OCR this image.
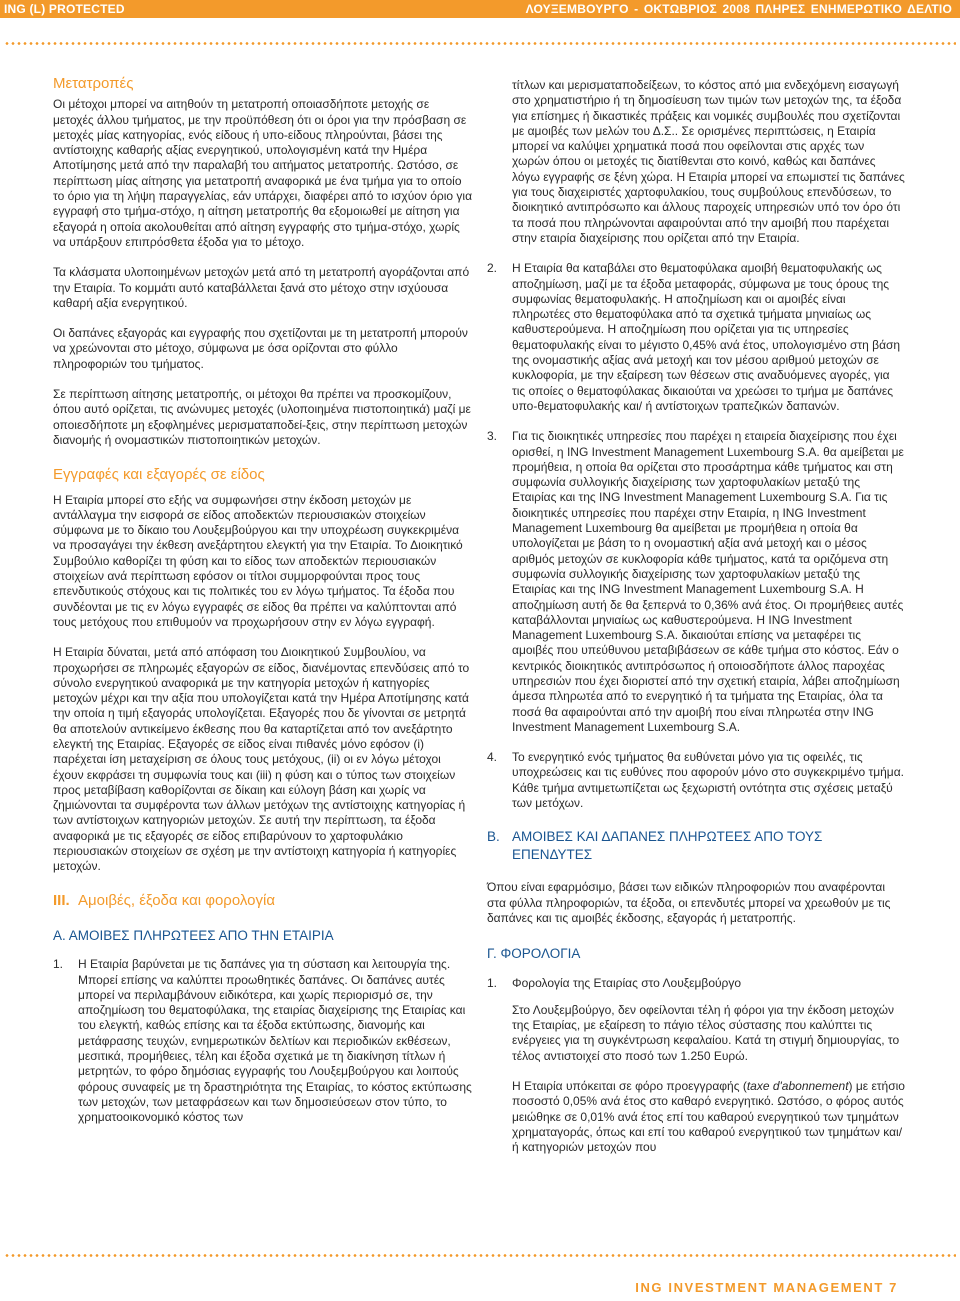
ING (L) PROTECTED	ΛΟΥΞΕΜΒΟΥΡΓΟ - ΟΚΤΩΒΡΙΟΣ 2008 ΠΛΗΡΕΣ ΕΝΗΜΕΡΩΤΙΚΟ ΔΕΛΤΙΟ
Μετατροπές

Οι μέτοχοι μπορεί να αιτηθούν τη μετατροπή οποιασδήποτε μετοχής σε μετοχές άλλου τμήματος, με την προϋπόθεση ότι οι όροι για την πρόσβαση σε μετοχές μίας κατηγορίας, ενός είδους ή υπο-είδους πληρούνται, βάσει της αντίστοιχης καθαρής αξίας ενεργητικού, υπολογισμένη κατά την Ημέρα Αποτίμησης μετά από την παραλαβή του αιτήματος μετατροπής. Ωστόσο, σε περίπτωση μίας αίτησης για μετατροπή αναφορικά με ένα τμήμα για το οποίο το όριο για τη λήψη παραγγελίας, εάν υπάρχει, διαφέρει από το ισχύον όριο για εγγραφή στο τμήμα-στόχο, η αίτηση μετατροπής θα εξομοιωθεί με αίτηση για εξαγορά η οποία ακολουθείται από αίτηση εγγραφής στο τμήμα-στόχο, χωρίς να υπάρξουν επιπρόσθετα έξοδα για το μέτοχο.

Τα κλάσματα υλοποιημένων μετοχών μετά από τη μετατροπή αγοράζονται από την Εταιρία. Το κομμάτι αυτό καταβάλλεται ξανά στο μέτοχο στην ισχύουσα καθαρή αξία ενεργητικού.

Οι δαπάνες εξαγοράς και εγγραφής που σχετίζονται με τη μετατροπή μπορούν να χρεώνονται στο μέτοχο, σύμφωνα με όσα ορίζονται στο φύλλο πληροφοριών του τμήματος.

Σε περίπτωση αίτησης μετατροπής, οι μέτοχοι θα πρέπει να προσκομίζουν, όπου αυτό ορίζεται, τις ανώνυμες μετοχές (υλοποιημένα πιστοποιητικά) μαζί με οποιεσδήποτε μη εξοφλημένες μερισματαποδεί-ξεις, στην περίπτωση μετοχών διανομής ή ονομαστικών πιστοποιητικών μετοχών.

Εγγραφές και εξαγορές σε είδος

Η Εταιρία μπορεί στο εξής να συμφωνήσει στην έκδοση μετοχών με αντάλλαγμα την εισφορά σε είδος αποδεκτών περιουσιακών στοιχείων σύμφωνα με το δίκαιο του Λουξεμβούργου και την υποχρέωση συγκεκριμένα να προσαγάγει την έκθεση ανεξάρτητου ελεγκτή για την Εταιρία. Το Διοικητικό Συμβούλιο καθορίζει τη φύση και το είδος των αποδεκτών περιουσιακών στοιχείων ανά περίπτωση εφόσον οι τίτλοι συμμορφούνται προς τους επενδυτικούς στόχους και τις πολιτικές του εν λόγω τμήματος. Τα έξοδα που συνδέονται με τις εν λόγω εγγραφές σε είδος θα πρέπει να καλύπτονται από τους μετόχους που επιθυμούν να προχωρήσουν στην εν λόγω εγγραφή.

Η Εταιρία δύναται, μετά από απόφαση του Διοικητικού Συμβουλίου, να προχωρήσει σε πληρωμές εξαγορών σε είδος, διανέμοντας επενδύσεις από το σύνολο ενεργητικού αναφορικά με την κατηγορία μετοχών ή κατηγορίες μετοχών μέχρι και την αξία που υπολογίζεται κατά την Ημέρα Αποτίμησης κατά την οποία η τιμή εξαγοράς υπολογίζεται. Εξαγορές που δε γίνονται σε μετρητά θα αποτελούν αντικείμενο έκθεσης που θα καταρτίζεται από τον ανεξάρτητο ελεγκτή της Εταιρίας. Εξαγορές σε είδος είναι πιθανές μόνο εφόσον (i) παρέχεται ίση μεταχείριση σε όλους τους μετόχους, (ii) οι εν λόγω μέτοχοι έχουν εκφράσει τη συμφωνία τους και (iii) η φύση και ο τύπος των στοιχείων προς μεταβίβαση καθορίζονται σε δίκαιη και εύλογη βάση και χωρίς να ζημιώνονται τα συμφέροντα των άλλων μετόχων της αντίστοιχης κατηγορίας ή των αντίστοιχων κατηγοριών μετοχών. Σε αυτή την περίπτωση, τα έξοδα αναφορικά με τις εξαγορές σε είδος επιβαρύνουν το χαρτοφυλάκιο περιουσιακών στοιχείων σε σχέση με την αντίστοιχη κατηγορία ή κατηγορίες μετοχών.

III. Αμοιβές, έξοδα και φορολογία
Α. ΑΜΟΙΒΕΣ ΠΛΗΡΩΤΕΕΣ ΑΠΟ ΤΗΝ ΕΤΑΙΡΙΑ
1. Η Εταιρία βαρύνεται με τις δαπάνες για τη σύσταση και λειτουργία της. Μπορεί επίσης να καλύπτει προωθητικές δαπάνες. Οι δαπάνες αυτές μπορεί να περιλαμβάνουν ειδικότερα, και χωρίς περιορισμό σε, την αποζημίωση του θεματοφύλακα, της εταιρίας διαχείρισης της Εταιρίας και του ελεγκτή, καθώς επίσης και τα έξοδα εκτύπωσης, διανομής και μετάφρασης τευχών, ενημερωτικών δελτίων και περιοδικών εκθέσεων, μεσιτικά, προμήθειες, τέλη και έξοδα σχετικά με τη διακίνηση τίτλων ή μετρητών, το φόρο δημόσιας εγγραφής του Λουξεμβούργου και λοιπούς φόρους συναφείς με τη δραστηριότητα της Εταιρίας, το κόστος εκτύπωσης των μετοχών, των μεταφράσεων και των δημοσιεύσεων στον τύπο, το χρηματοοικονομικό κόστος των

τίτλων και μερισματαποδείξεων, το κόστος από μια ενδεχόμενη εισαγωγή στο χρηματιστήριο ή τη δημοσίευση των τιμών των μετοχών της, τα έξοδα για επίσημες ή δικαστικές πράξεις και νομικές συμβουλές που σχετίζονται με αμοιβές των μελών του Δ.Σ.. Σε ορισμένες περιπτώσεις, η Εταιρία μπορεί να καλύψει χρηματικά ποσά που οφείλονται στις αρχές των χωρών όπου οι μετοχές τις διατίθενται στο κοινό, καθώς και δαπάνες λόγω εγγραφής σε ξένη χώρα. Η Εταιρία μπορεί να επωμιστεί τις δαπάνες για τους διαχειριστές χαρτοφυλακίου, τους συμβούλους επενδύσεων, το διοικητικό αντιπρόσωπο και άλλους παροχείς υπηρεσιών υπό τον όρο ότι τα ποσά που πληρώνονται αφαιρούνται από την αμοιβή που παρέχεται στην εταιρία διαχείρισης που ορίζεται από την Εταιρία.

2. Η Εταιρία θα καταβάλει στο θεματοφύλακα αμοιβή θεματοφυλακής ως αποζημίωση, μαζί με τα έξοδα μεταφοράς, σύμφωνα με τους όρους της συμφωνίας θεματοφυλακής. Η αποζημίωση και οι αμοιβές είναι πληρωτέες στο θεματοφύλακα από τα σχετικά τμήματα μηνιαίως ως καθυστερούμενα. Η αποζημίωση που ορίζεται για τις υπηρεσίες θεματοφυλακής είναι το μέγιστο 0,45% ανά έτος, υπολογισμένο στη βάση της ονομαστικής αξίας ανά μετοχή και τον μέσου αριθμού μετοχών σε κυκλοφορία, με την εξαίρεση των θέσεων στις αναδυόμενες αγορές, για τις οποίες ο θεματοφύλακας δικαιούται να χρεώσει το τμήμα με δαπάνες υπο-θεματοφυλακής και/ ή αντίστοιχων τραπεζικών δαπανών.
3. Για τις διοικητικές υπηρεσίες που παρέχει η εταιρεία διαχείρισης που έχει ορισθεί, η ING Investment Management Luxembourg S.A. θα αμείβεται με προμήθεια, η οποία θα ορίζεται στο προσάρτημα κάθε τμήματος και στη συμφωνία συλλογικής διαχείρισης των χαρτοφυλακίων μεταξύ της Εταιρίας και της ING Investment Management Luxembourg S.A. Για τις διοικητικές υπηρεσίες που παρέχει στην Εταιρία, η ING Investment Management Luxembourg θα αμείβεται με προμήθεια η οποία θα υπολογίζεται με βάση το η ονομαστική αξία ανά μετοχή και ο μέσος αριθμός μετοχών σε κυκλοφορία κάθε τμήματος, κατά τα οριζόμενα στη συμφωνία συλλογικής διαχείρισης των χαρτοφυλακίων μεταξύ της Εταιρίας και της ING Investment Management Luxembourg S.A. Η αποζημίωση αυτή δε θα ξεπερνά το 0,36% ανά έτος. Οι προμήθειες αυτές καταβάλλονται μηνιαίως ως καθυστερούμενα. Η ING Investment Management Luxembourg S.A. δικαιούται επίσης να μεταφέρει τις αμοιβές που υπεύθυνου μεταβιβάσεων σε κάθε τμήμα στο κόστος. Εάν ο κεντρικός διοικητικός αντιπρόσωπος ή οποιοσδήποτε άλλος παροχέας υπηρεσιών που έχει διοριστεί από την σχετική εταιρία, λάβει αποζημίωση άμεσα πληρωτέα από το ενεργητικό ή τα τμήματα της Εταιρίας, όλα τα ποσά θα αφαιρούνται από την αμοιβή που είναι πληρωτέα στην ING Investment Management Luxembourg S.A.
4. Το ενεργητικό ενός τμήματος θα ευθύνεται μόνο για τις οφειλές, τις υποχρεώσεις και τις ευθύνες που αφορούν μόνο στο συγκεκριμένο τμήμα. Κάθε τμήμα αντιμετωπίζεται ως ξεχωριστή οντότητα στις σχέσεις μεταξύ των μετόχων.
Β. ΑΜΟΙΒΕΣ ΚΑΙ ΔΑΠΑΝΕΣ ΠΛΗΡΩΤΕΕΣ ΑΠΟ ΤΟΥΣ ΕΠΕΝΔΥΤΕΣ

Όπου είναι εφαρμόσιμο, βάσει των ειδικών πληροφοριών που αναφέρονται στα φύλλα πληροφοριών, τα έξοδα, οι επενδυτές μπορεί να χρεωθούν με τις δαπάνες και τις αμοιβές έκδοσης, εξαγοράς ή μετατροπής.

Γ. ΦΟΡΟΛΟΓΙΑ
1. Φορολογία της Εταιρίας στο Λουξεμβούργο

Στο Λουξεμβούργο, δεν οφείλονται τέλη ή φόροι για την έκδοση μετοχών της Εταιρίας, με εξαίρεση το πάγιο τέλος σύστασης που καλύπτει τις ενέργειες για τη συγκέντρωση κεφαλαίου. Κατά τη στιγμή δημιουργίας, το τέλος αντιστοιχεί στο ποσό των 1.250 Ευρώ.

Η Εταιρία υπόκειται σε φόρο προεγγραφής (taxe d'abonnement) με ετήσιο ποσοστό 0,05% ανά έτος στο καθαρό ενεργητικό. Ωστόσο, ο φόρος αυτός μειώθηκε σε 0,01% ανά έτος επί του καθαρού ενεργητικού των τμημάτων χρηματαγοράς, όπως και επί του καθαρού ενεργητικού των τμημάτων και/ή κατηγοριών μετοχών που

ING INVESTMENT MANAGEMENT 7
